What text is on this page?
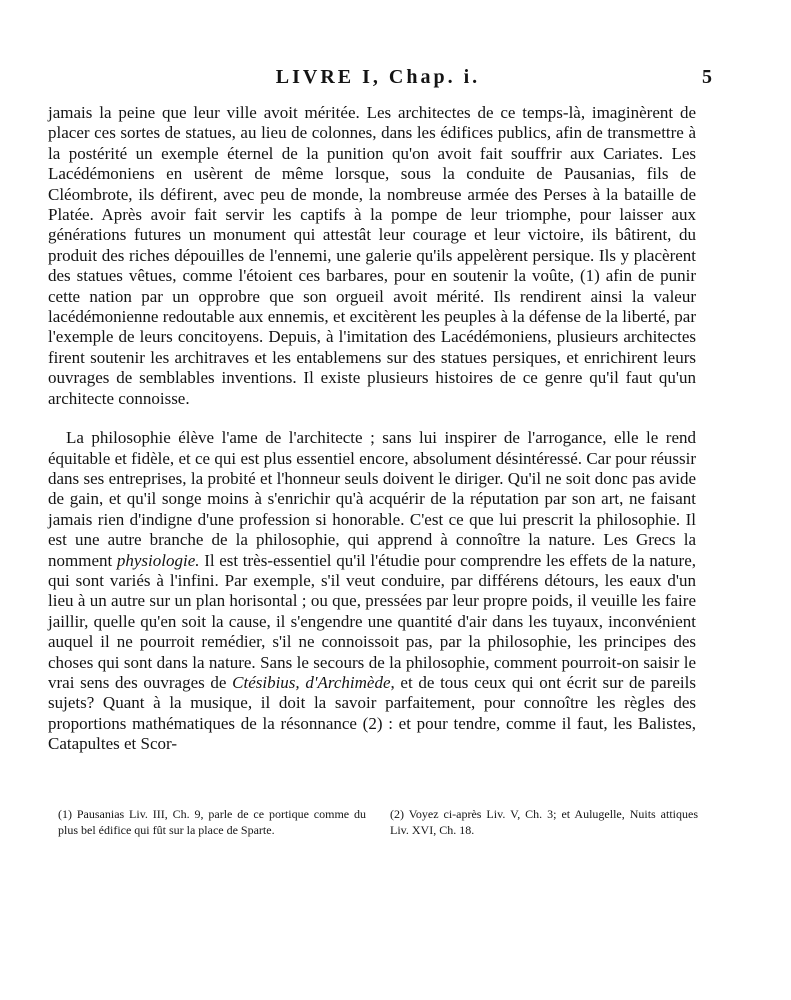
LIVRE I, Chap. i.	5

jamais la peine que leur ville avoit méritée. Les architectes de ce temps-là, imaginèrent de placer ces sortes de statues, au lieu de colonnes, dans les édifices publics, afin de transmettre à la postérité un exemple éternel de la punition qu'on avoit fait souffrir aux Cariates. Les Lacédémoniens en usèrent de même lorsque, sous la conduite de Pausanias, fils de Cléombrote, ils défirent, avec peu de monde, la nombreuse armée des Perses à la bataille de Platée. Après avoir fait servir les captifs à la pompe de leur triomphe, pour laisser aux générations futures un monument qui attestât leur courage et leur victoire, ils bâtirent, du produit des riches dépouilles de l'ennemi, une galerie qu'ils appelèrent persique. Ils y placèrent des statues vêtues, comme l'étoient ces barbares, pour en soutenir la voûte, (1) afin de punir cette nation par un opprobre que son orgueil avoit mérité. Ils rendirent ainsi la valeur lacédémonienne redoutable aux ennemis, et excitèrent les peuples à la défense de la liberté, par l'exemple de leurs concitoyens. Depuis, à l'imitation des Lacédémoniens, plusieurs architectes firent soutenir les architraves et les entablemens sur des statues persiques, et enrichirent leurs ouvrages de semblables inventions. Il existe plusieurs histoires de ce genre qu'il faut qu'un architecte connoisse.

La philosophie élève l'ame de l'architecte ; sans lui inspirer de l'arrogance, elle le rend équitable et fidèle, et ce qui est plus essentiel encore, absolument désintéressé. Car pour réussir dans ses entreprises, la probité et l'honneur seuls doivent le diriger. Qu'il ne soit donc pas avide de gain, et qu'il songe moins à s'enrichir qu'à acquérir de la réputation par son art, ne faisant jamais rien d'indigne d'une profession si honorable. C'est ce que lui prescrit la philosophie. Il est une autre branche de la philosophie, qui apprend à connoître la nature. Les Grecs la nomment physiologie. Il est très-essentiel qu'il l'étudie pour comprendre les effets de la nature, qui sont variés à l'infini. Par exemple, s'il veut conduire, par différens détours, les eaux d'un lieu à un autre sur un plan horisontal ; ou que, pressées par leur propre poids, il veuille les faire jaillir, quelle qu'en soit la cause, il s'engendre une quantité d'air dans les tuyaux, inconvénient auquel il ne pourroit remédier, s'il ne connoissoit pas, par la philosophie, les principes des choses qui sont dans la nature. Sans le secours de la philosophie, comment pourroit-on saisir le vrai sens des ouvrages de Ctésibius, d'Archimède, et de tous ceux qui ont écrit sur de pareils sujets? Quant à la musique, il doit la savoir parfaitement, pour connoître les règles des proportions mathématiques de la résonnance (2) : et pour tendre, comme il faut, les Balistes, Catapultes et Scor-

(1) Pausanias Liv. III, Ch. 9, parle de ce portique comme du plus bel édifice qui fût sur la place de Sparte.
(2) Voyez ci-après Liv. V, Ch. 3; et Aulugelle, Nuits attiques Liv. XVI, Ch. 18.
